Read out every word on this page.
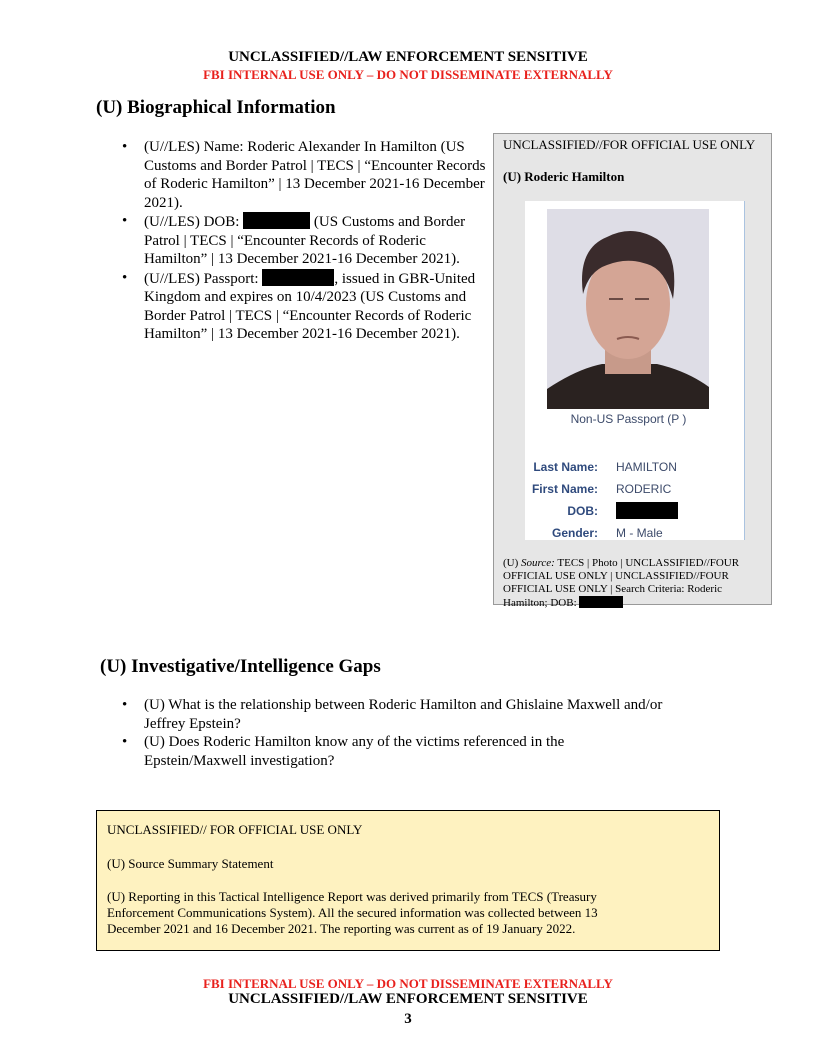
UNCLASSIFIED//LAW ENFORCEMENT SENSITIVE
FBI INTERNAL USE ONLY – DO NOT DISSEMINATE EXTERNALLY
(U) Biographical Information
• (U//LES) Name: Roderic Alexander In Hamilton (US Customs and Border Patrol | TECS | “Encounter Records of Roderic Hamilton” | 13 December 2021-16 December 2021).
• (U//LES) DOB:	(US Customs and Border Patrol | TECS | “Encounter Records of Roderic Hamilton” | 13 December 2021-16 December 2021).
• (U//LES) Passport:	, issued in GBR-United Kingdom and expires on 10/4/2023 (US Customs and Border Patrol | TECS | “Encounter Records of Roderic Hamilton” | 13 December 2021-16 December 2021).
UNCLASSIFIED//FOR OFFICIAL USE ONLY
(U) Roderic Hamilton
Non-US Passport (P )
Last Name: HAMILTON
First Name: RODERIC
DOB:
Gender: M - Male
(U) Source: TECS | Photo | UNCLASSIFIED//FOUR OFFICIAL USE ONLY | UNCLASSIFIED//FOUR OFFICIAL USE ONLY | Search Criteria: Roderic Hamilton; DOB:
(U) Investigative/Intelligence Gaps
• (U) What is the relationship between Roderic Hamilton and Ghislaine Maxwell and/or Jeffrey Epstein?
• (U) Does Roderic Hamilton know any of the victims referenced in the Epstein/Maxwell investigation?
UNCLASSIFIED// FOR OFFICIAL USE ONLY
(U) Source Summary Statement
(U) Reporting in this Tactical Intelligence Report was derived primarily from TECS (Treasury Enforcement Communications System). All the secured information was collected between 13 December 2021 and 16 December 2021. The reporting was current as of 19 January 2022.
FBI INTERNAL USE ONLY – DO NOT DISSEMINATE EXTERNALLY
UNCLASSIFIED//LAW ENFORCEMENT SENSITIVE
3
